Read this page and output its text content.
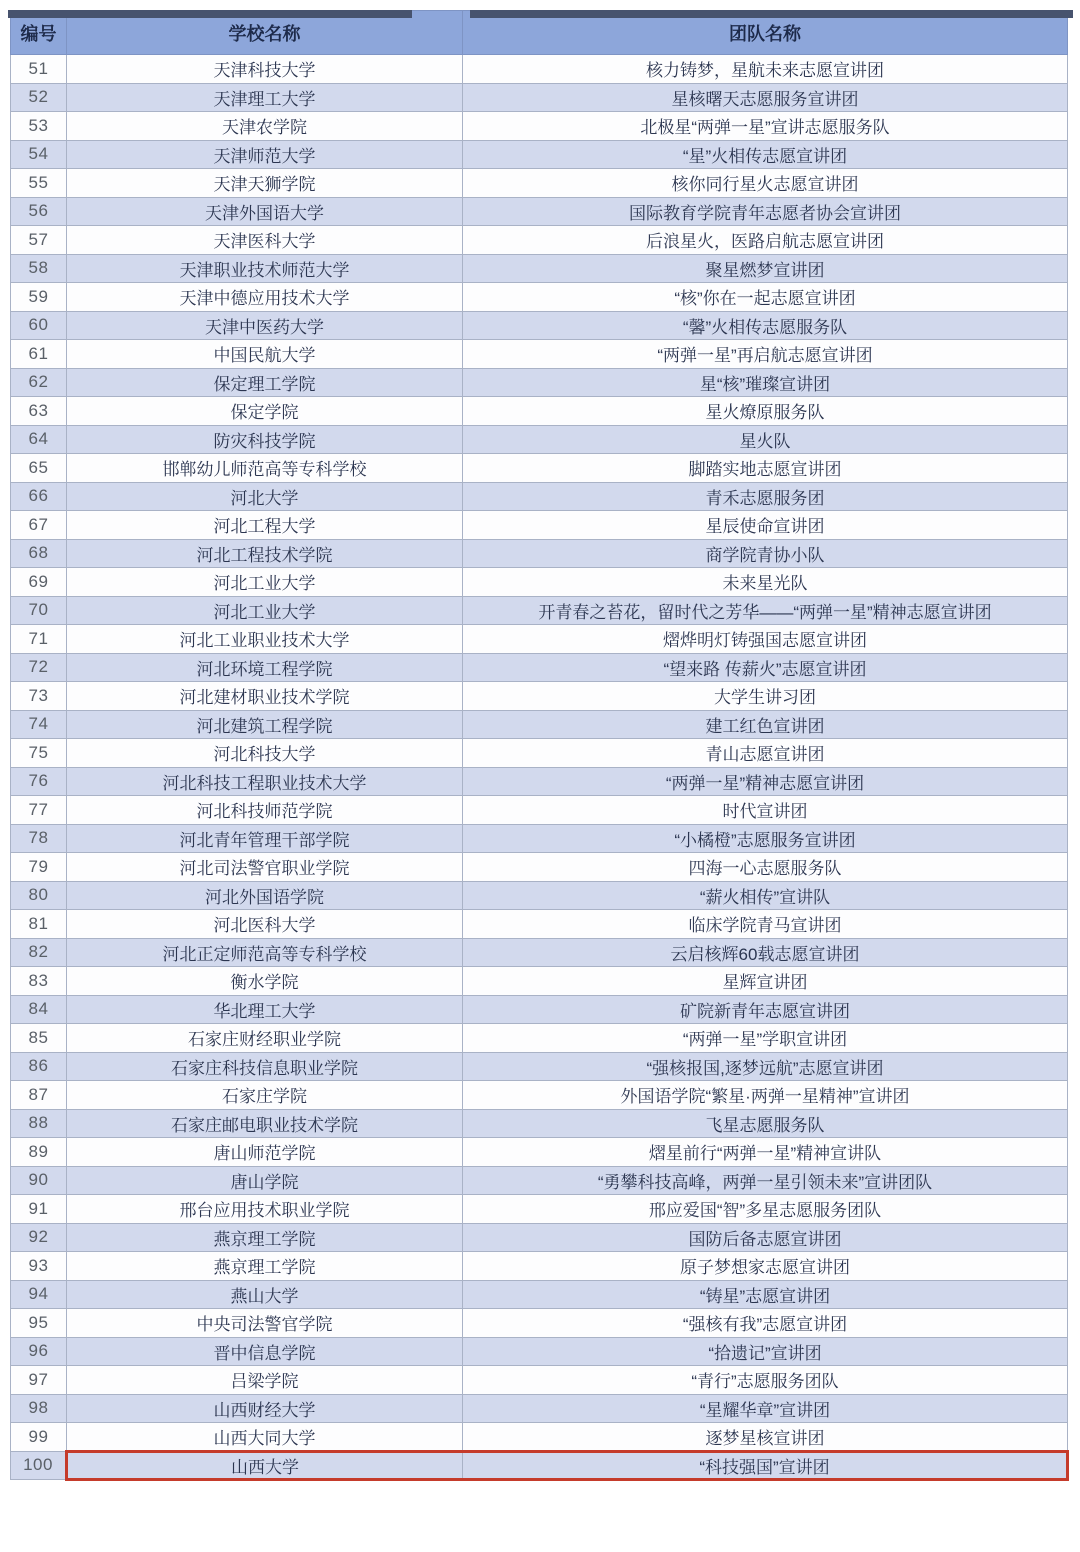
编号	学校名称	团队名称
51	天津科技大学	核力铸梦，星航未来志愿宣讲团
52	天津理工大学	星核曙天志愿服务宣讲团
53	天津农学院	北极星“两弹一星”宣讲志愿服务队
54	天津师范大学	“星”火相传志愿宣讲团
55	天津天狮学院	核你同行星火志愿宣讲团
56	天津外国语大学	国际教育学院青年志愿者协会宣讲团
57	天津医科大学	后浪星火，医路启航志愿宣讲团
58	天津职业技术师范大学	聚星燃梦宣讲团
59	天津中德应用技术大学	“核”你在一起志愿宣讲团
60	天津中医药大学	“馨”火相传志愿服务队
61	中国民航大学	“两弹一星”再启航志愿宣讲团
62	保定理工学院	星“核”璀璨宣讲团
63	保定学院	星火燎原服务队
64	防灾科技学院	星火队
65	邯郸幼儿师范高等专科学校	脚踏实地志愿宣讲团
66	河北大学	青禾志愿服务团
67	河北工程大学	星辰使命宣讲团
68	河北工程技术学院	商学院青协小队
69	河北工业大学	未来星光队
70	河北工业大学	开青春之苔花，留时代之芳华——“两弹一星”精神志愿宣讲团
71	河北工业职业技术大学	熠烨明灯铸强国志愿宣讲团
72	河北环境工程学院	“望来路 传薪火”志愿宣讲团
73	河北建材职业技术学院	大学生讲习团
74	河北建筑工程学院	建工红色宣讲团
75	河北科技大学	青山志愿宣讲团
76	河北科技工程职业技术大学	“两弹一星”精神志愿宣讲团
77	河北科技师范学院	时代宣讲团
78	河北青年管理干部学院	“小橘橙”志愿服务宣讲团
79	河北司法警官职业学院	四海一心志愿服务队
80	河北外国语学院	“薪火相传”宣讲队
81	河北医科大学	临床学院青马宣讲团
82	河北正定师范高等专科学校	云启核辉60载志愿宣讲团
83	衡水学院	星辉宣讲团
84	华北理工大学	矿院新青年志愿宣讲团
85	石家庄财经职业学院	“两弹一星”学职宣讲团
86	石家庄科技信息职业学院	“强核报国,逐梦远航”志愿宣讲团
87	石家庄学院	外国语学院“繁星·两弹一星精神”宣讲团
88	石家庄邮电职业技术学院	飞星志愿服务队
89	唐山师范学院	熠星前行“两弹一星”精神宣讲队
90	唐山学院	“勇攀科技高峰，两弹一星引领未来”宣讲团队
91	邢台应用技术职业学院	邢应爱国“智”多星志愿服务团队
92	燕京理工学院	国防后备志愿宣讲团
93	燕京理工学院	原子梦想家志愿宣讲团
94	燕山大学	“铸星”志愿宣讲团
95	中央司法警官学院	“强核有我”志愿宣讲团
96	晋中信息学院	“拾遗记”宣讲团
97	吕梁学院	“青行”志愿服务团队
98	山西财经大学	“星耀华章”宣讲团
99	山西大同大学	逐梦星核宣讲团
100	山西大学	“科技强国”宣讲团
